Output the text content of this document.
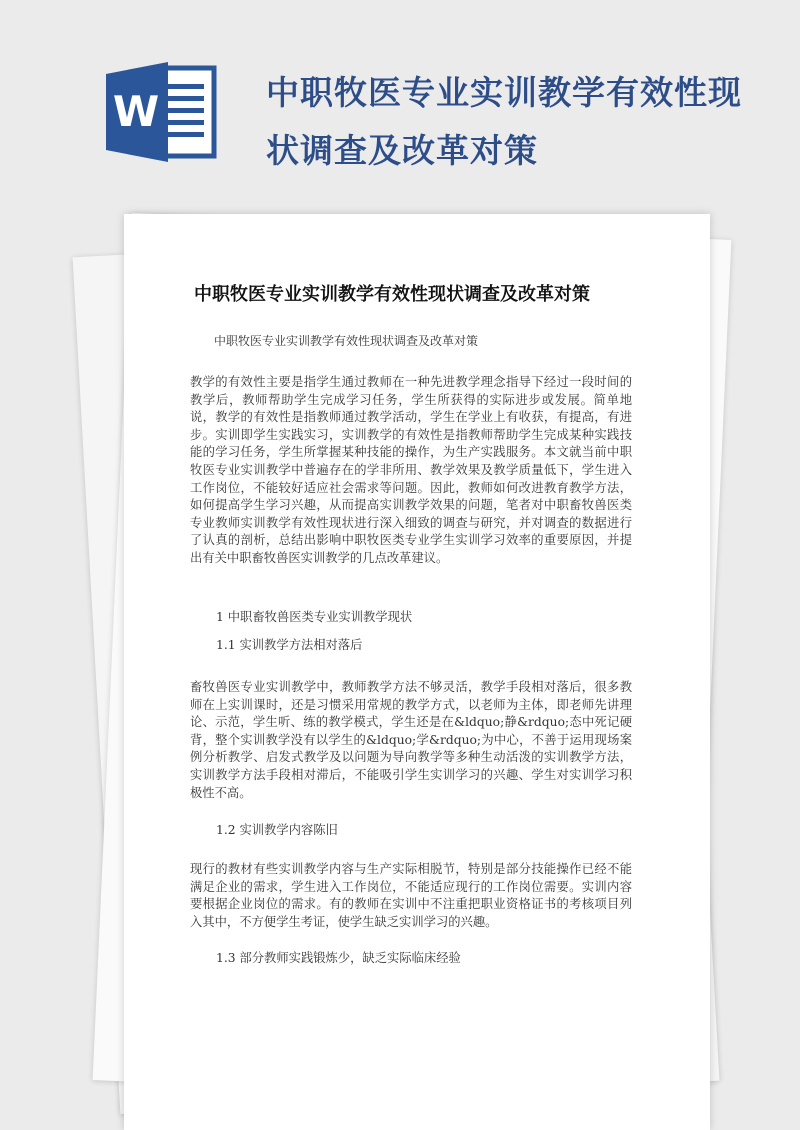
W	中职牧医专业实训教学有效性现状调查及改革对策
中职牧医专业实训教学有效性现状调查及改革对策

中职牧医专业实训教学有效性现状调查及改革对策

教学的有效性主要是指学生通过教师在一种先进教学理念指导下经过一段时间的教学后，教师帮助学生完成学习任务，学生所获得的实际进步或发展。简单地说，教学的有效性是指教师通过教学活动，学生在学业上有收获，有提高，有进步。实训即学生实践实习，实训教学的有效性是指教师帮助学生完成某种实践技能的学习任务，学生所掌握某种技能的操作，为生产实践服务。本文就当前中职牧医专业实训教学中普遍存在的学非所用、教学效果及教学质量低下，学生进入工作岗位，不能较好适应社会需求等问题。因此，教师如何改进教育教学方法，如何提高学生学习兴趣，从而提高实训教学效果的问题，笔者对中职畜牧兽医类专业教师实训教学有效性现状进行深入细致的调查与研究，并对调查的数据进行了认真的剖析，总结出影响中职牧医类专业学生实训学习效率的重要原因，并提出有关中职畜牧兽医实训教学的几点改革建议。

1 中职畜牧兽医类专业实训教学现状

1.1 实训教学方法相对落后

畜牧兽医专业实训教学中，教师教学方法不够灵活，教学手段相对落后，很多教师在上实训课时，还是习惯采用常规的教学方式，以老师为主体，即老师先讲理论、示范，学生听、练的教学模式，学生还是在&ldquo;静&rdquo;态中死记硬背，整个实训教学没有以学生的&ldquo;学&rdquo;为中心，不善于运用现场案例分析教学、启发式教学及以问题为导向教学等多种生动活泼的实训教学方法，实训教学方法手段相对滞后，不能吸引学生实训学习的兴趣、学生对实训学习积极性不高。

1.2 实训教学内容陈旧

现行的教材有些实训教学内容与生产实际相脱节，特别是部分技能操作已经不能满足企业的需求，学生进入工作岗位，不能适应现行的工作岗位需要。实训内容要根据企业岗位的需求。有的教师在实训中不注重把职业资格证书的考核项目列入其中，不方便学生考证，使学生缺乏实训学习的兴趣。

1.3 部分教师实践锻炼少，缺乏实际临床经验
